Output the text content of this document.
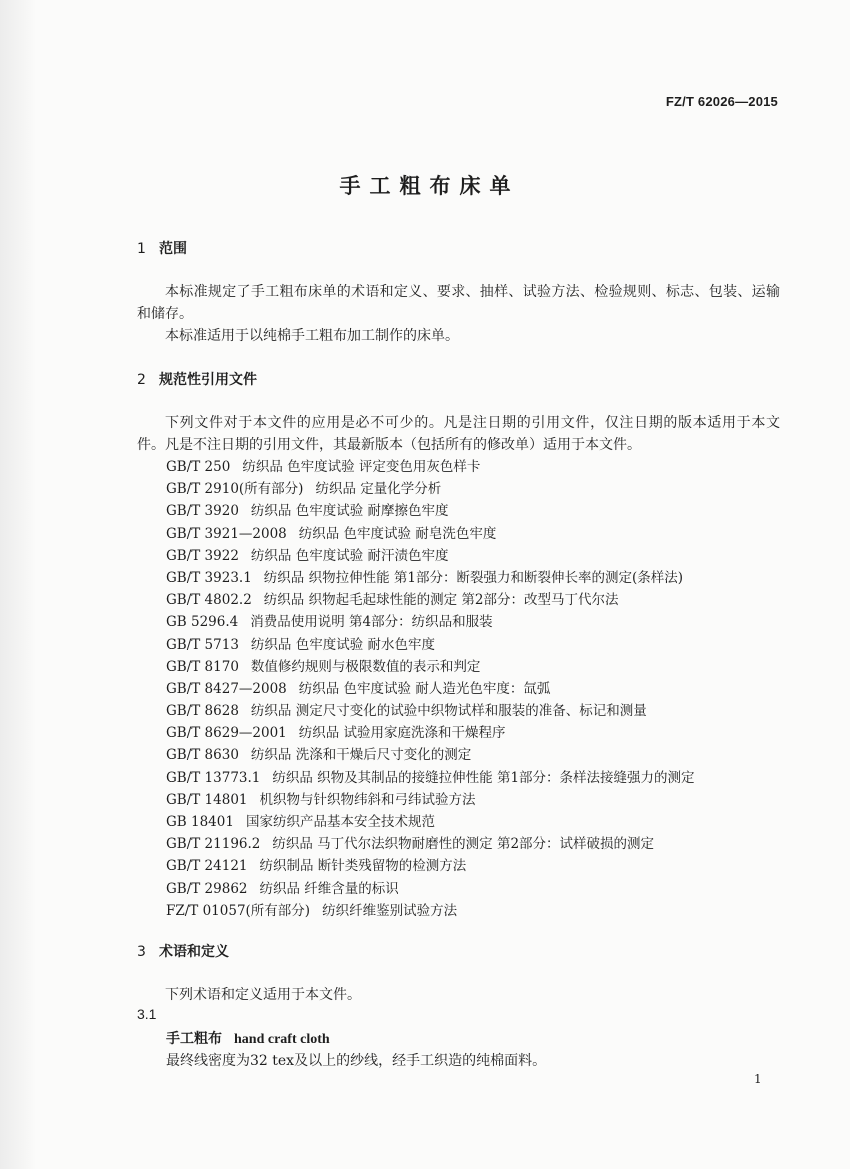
FZ/T 62026—2015
手工粗布床单
1 范围

本标准规定了手工粗布床单的术语和定义、要求、抽样、试验方法、检验规则、标志、包装、运输和储存。

本标准适用于以纯棉手工粗布加工制作的床单。

2 规范性引用文件

下列文件对于本文件的应用是必不可少的。凡是注日期的引用文件，仅注日期的版本适用于本文件。凡是不注日期的引用文件，其最新版本（包括所有的修改单）适用于本文件。

GB/T 250 纺织品 色牢度试验 评定变色用灰色样卡
GB/T 2910(所有部分) 纺织品 定量化学分析
GB/T 3920 纺织品 色牢度试验 耐摩擦色牢度
GB/T 3921—2008 纺织品 色牢度试验 耐皂洗色牢度
GB/T 3922 纺织品 色牢度试验 耐汗渍色牢度
GB/T 3923.1 纺织品 织物拉伸性能 第1部分：断裂强力和断裂伸长率的测定(条样法)
GB/T 4802.2 纺织品 织物起毛起球性能的测定 第2部分：改型马丁代尔法
GB 5296.4 消费品使用说明 第4部分：纺织品和服装
GB/T 5713 纺织品 色牢度试验 耐水色牢度
GB/T 8170 数值修约规则与极限数值的表示和判定
GB/T 8427—2008 纺织品 色牢度试验 耐人造光色牢度：氙弧
GB/T 8628 纺织品 测定尺寸变化的试验中织物试样和服装的准备、标记和测量
GB/T 8629—2001 纺织品 试验用家庭洗涤和干燥程序
GB/T 8630 纺织品 洗涤和干燥后尺寸变化的测定
GB/T 13773.1 纺织品 织物及其制品的接缝拉伸性能 第1部分：条样法接缝强力的测定
GB/T 14801 机织物与针织物纬斜和弓纬试验方法
GB 18401 国家纺织产品基本安全技术规范
GB/T 21196.2 纺织品 马丁代尔法织物耐磨性的测定 第2部分：试样破损的测定
GB/T 24121 纺织制品 断针类残留物的检测方法
GB/T 29862 纺织品 纤维含量的标识
FZ/T 01057(所有部分) 纺织纤维鉴别试验方法
3 术语和定义

下列术语和定义适用于本文件。

3.1
手工粗布 hand craft cloth
最终线密度为32 tex及以上的纱线，经手工织造的纯棉面料。
1
